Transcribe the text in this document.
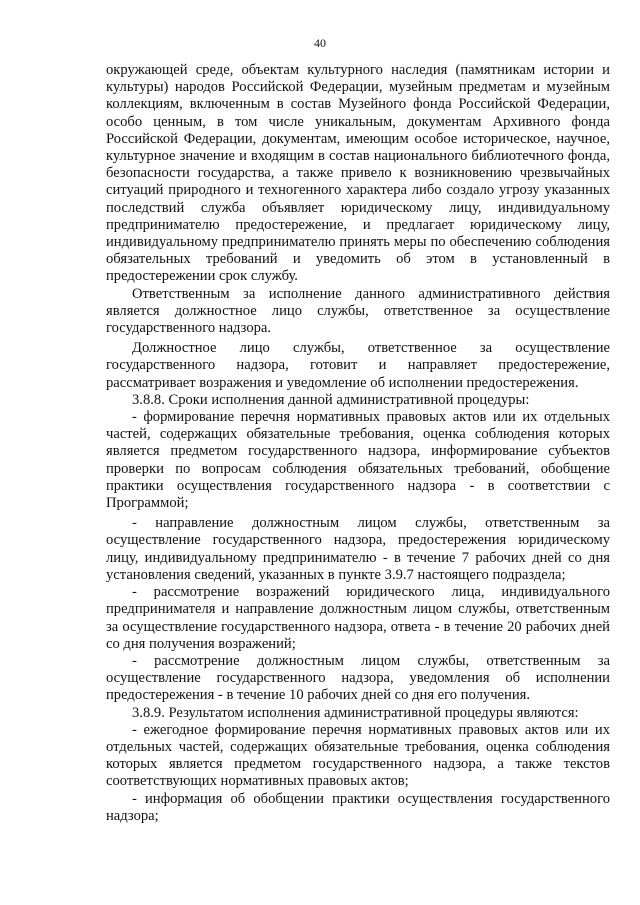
40

окружающей среде, объектам культурного наследия (памятникам истории и культуры) народов Российской Федерации, музейным предметам и музейным коллекциям, включенным в состав Музейного фонда Российской Федерации, особо ценным, в том числе уникальным, документам Архивного фонда Российской Федерации, документам, имеющим особое историческое, научное, культурное значение и входящим в состав национального библиотечного фонда, безопасности государства, а также привело к возникновению чрезвычайных ситуаций природного и техногенного характера либо создало угрозу указанных последствий служба объявляет юридическому лицу, индивидуальному предпринимателю предостережение, и предлагает юридическому лицу, индивидуальному предпринимателю принять меры по обеспечению соблюдения обязательных требований и уведомить об этом в установленный в предостережении срок службу.

Ответственным за исполнение данного административного действия является должностное лицо службы, ответственное за осуществление государственного надзора.

Должностное лицо службы, ответственное за осуществление государственного надзора, готовит и направляет предостережение, рассматривает возражения и уведомление об исполнении предостережения.

3.8.8. Сроки исполнения данной административной процедуры:

- формирование перечня нормативных правовых актов или их отдельных частей, содержащих обязательные требования, оценка соблюдения которых является предметом государственного надзора, информирование субъектов проверки по вопросам соблюдения обязательных требований, обобщение практики осуществления государственного надзора - в соответствии с Программой;

- направление должностным лицом службы, ответственным за осуществление государственного надзора, предостережения юридическому лицу, индивидуальному предпринимателю - в течение 7 рабочих дней со дня установления сведений, указанных в пункте 3.9.7 настоящего подраздела;

- рассмотрение возражений юридического лица, индивидуального предпринимателя и направление должностным лицом службы, ответственным за осуществление государственного надзора, ответа - в течение 20 рабочих дней со дня получения возражений;

- рассмотрение должностным лицом службы, ответственным за осуществление государственного надзора, уведомления об исполнении предостережения - в течение 10 рабочих дней со дня его получения.

3.8.9. Результатом исполнения административной процедуры являются:

- ежегодное формирование перечня нормативных правовых актов или их отдельных частей, содержащих обязательные требования, оценка соблюдения которых является предметом государственного надзора, а также текстов соответствующих нормативных правовых актов;

- информация об обобщении практики осуществления государственного надзора;
